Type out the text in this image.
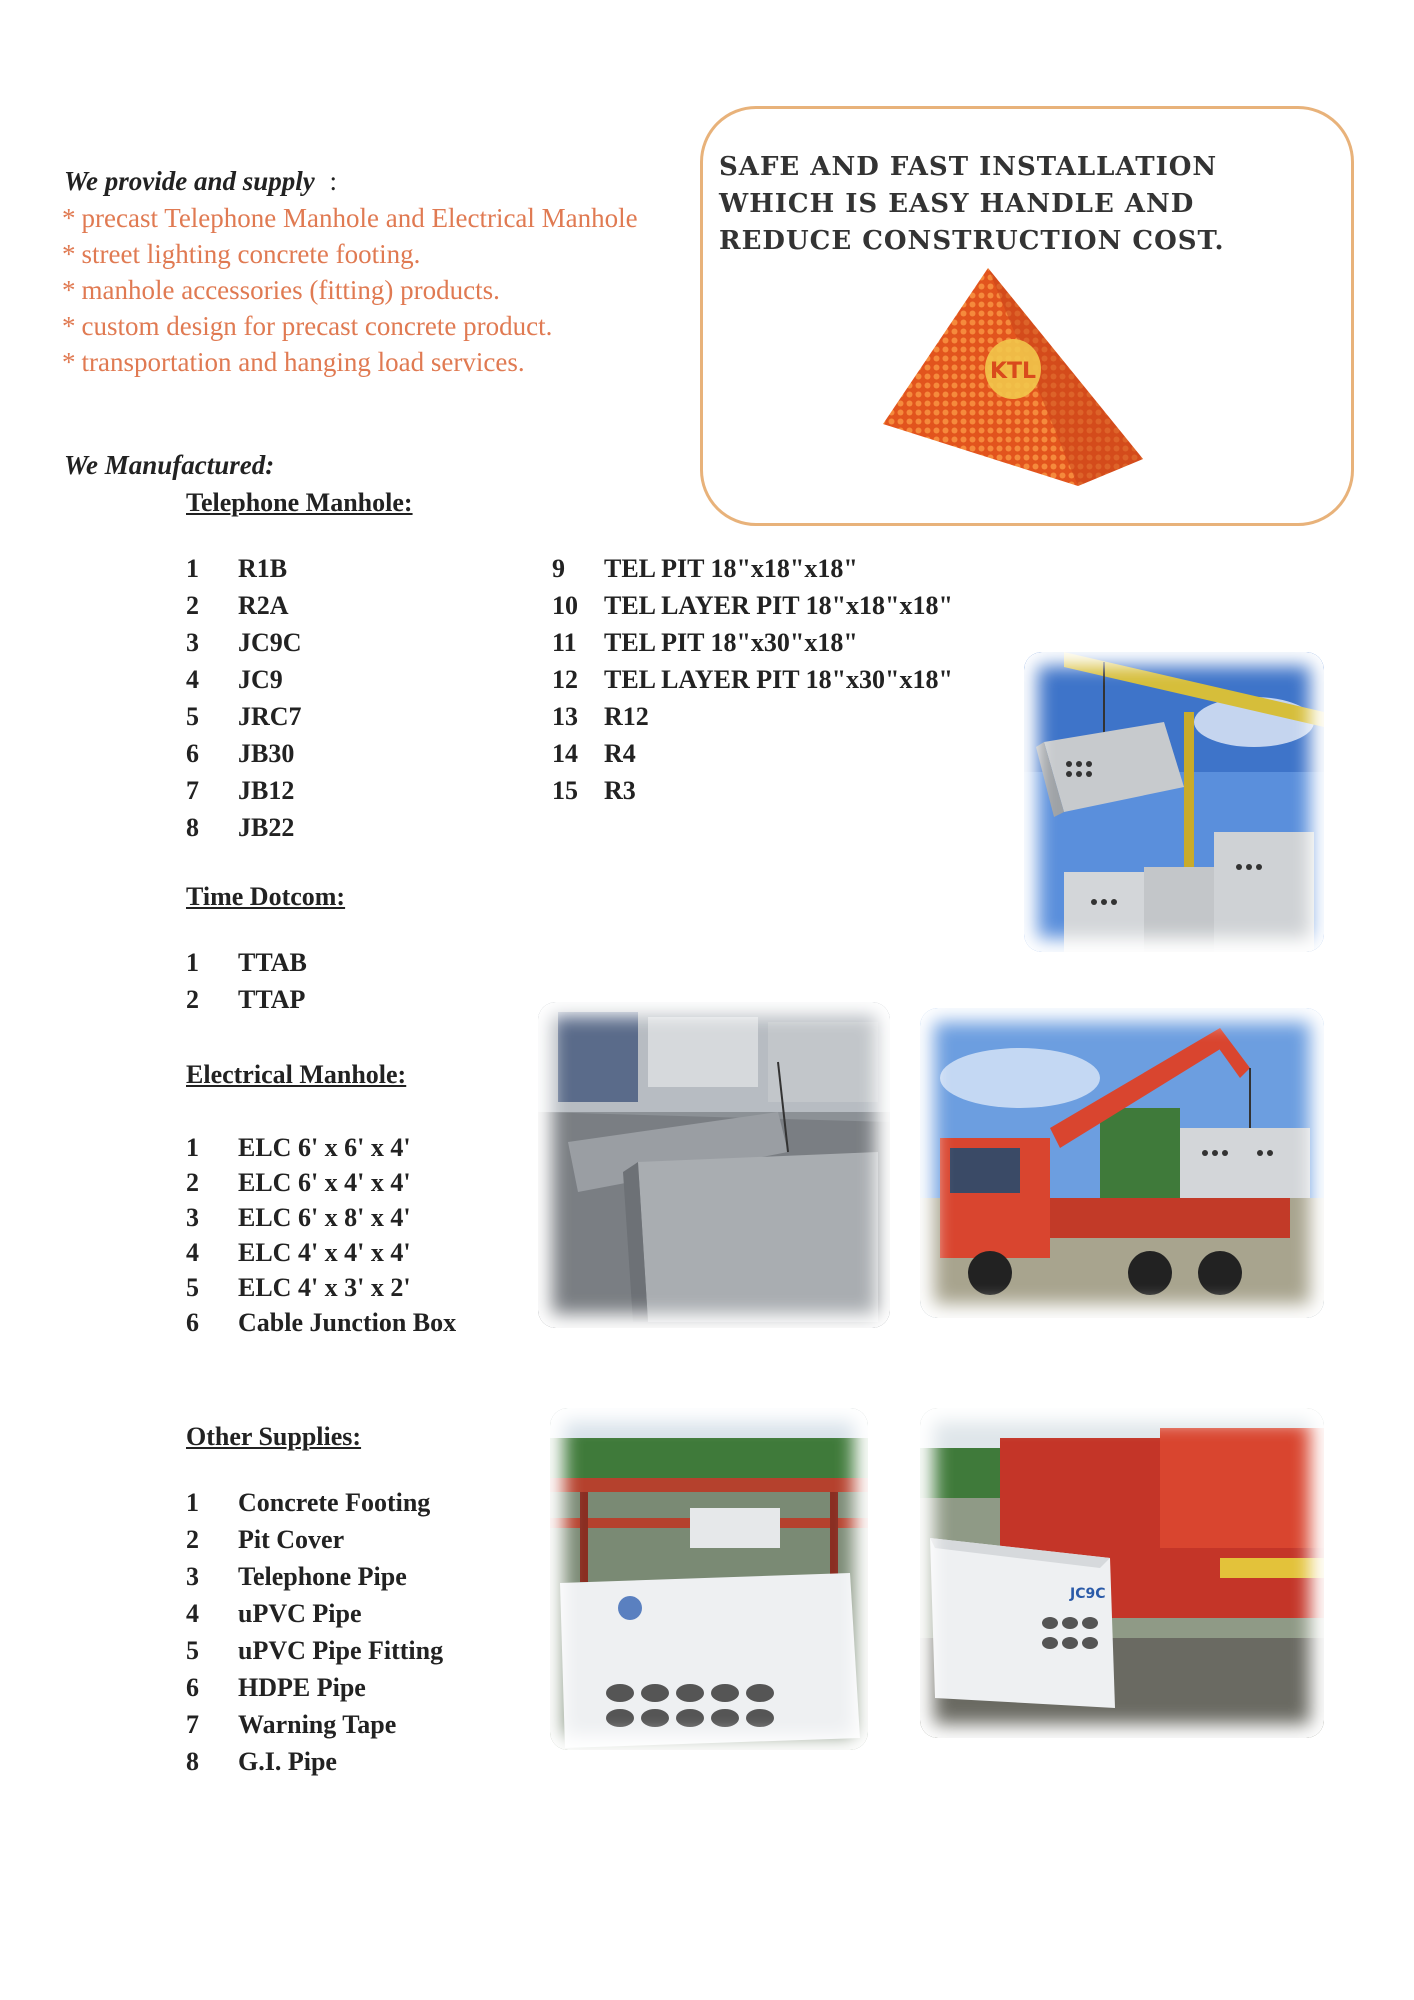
We provide and supply :
* precast Telephone Manhole and Electrical Manhole
* street lighting concrete footing.
* manhole accessories (fitting) products.
* custom design for precast concrete product.
* transportation and hanging load services.
SAFE AND FAST INSTALLATION
WHICH IS EASY HANDLE AND
REDUCE CONSTRUCTION COST.
KTL
We Manufactured:
Telephone Manhole:
1 R1B
2 R2A
3 JC9C
4 JC9
5 JRC7
6 JB30
7 JB12
8 JB22
9 TEL PIT 18"x18"x18"
10 TEL LAYER PIT 18"x18"x18"
11 TEL PIT 18"x30"x18"
12 TEL LAYER PIT 18"x30"x18"
13 R12
14 R4
15 R3
Time Dotcom:
1 TTAB
2 TTAP
Electrical Manhole:
1 ELC 6' x 6' x 4'
2 ELC 6' x 4' x 4'
3 ELC 6' x 8' x 4'
4 ELC 4' x 4' x 4'
5 ELC 4' x 3' x 2'
6 Cable Junction Box
Other Supplies:
1 Concrete Footing
2 Pit Cover
3 Telephone Pipe
4 uPVC Pipe
5 uPVC Pipe Fitting
6 HDPE Pipe
7 Warning Tape
8 G.I. Pipe
JC9C
